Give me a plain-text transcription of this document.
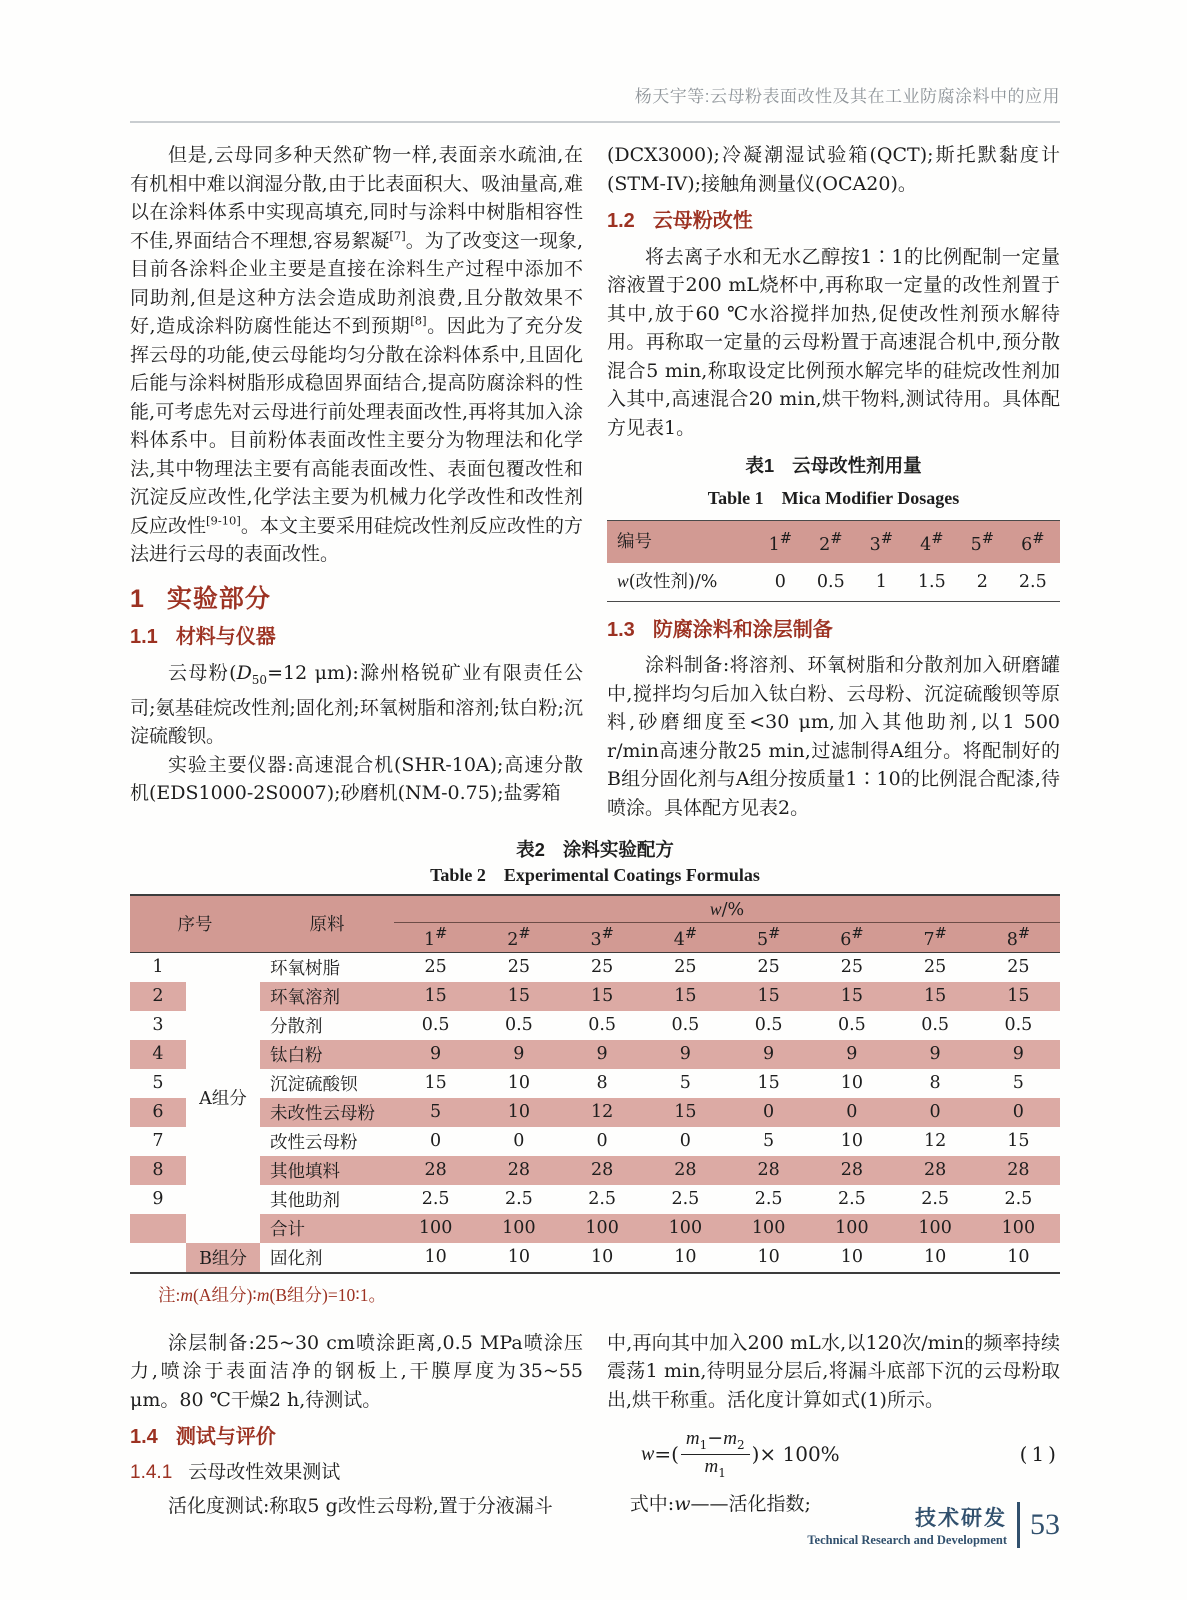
杨天宇等:云母粉表面改性及其在工业防腐涂料中的应用

但是,云母同多种天然矿物一样,表面亲水疏油,在有机相中难以润湿分散,由于比表面积大、吸油量高,难以在涂料体系中实现高填充,同时与涂料中树脂相容性不佳,界面结合不理想,容易絮凝[7]。为了改变这一现象,目前各涂料企业主要是直接在涂料生产过程中添加不同助剂,但是这种方法会造成助剂浪费,且分散效果不好,造成涂料防腐性能达不到预期[8]。因此为了充分发挥云母的功能,使云母能均匀分散在涂料体系中,且固化后能与涂料树脂形成稳固界面结合,提高防腐涂料的性能,可考虑先对云母进行前处理表面改性,再将其加入涂料体系中。目前粉体表面改性主要分为物理法和化学法,其中物理法主要有高能表面改性、表面包覆改性和沉淀反应改性,化学法主要为机械力化学改性和改性剂反应改性[9-10]。本文主要采用硅烷改性剂反应改性的方法进行云母的表面改性。

1 实验部分
1.1 材料与仪器

云母粉($D_{50}=12$ μm):滁州格锐矿业有限责任公司;氨基硅烷改性剂;固化剂;环氧树脂和溶剂;钛白粉;沉淀硫酸钡。

实验主要仪器:高速混合机(SHR-10A);高速分散机(EDS1000-2S0007);砂磨机(NM-0.75);盐雾箱

(DCX3000);冷凝潮湿试验箱(QCT);斯托默黏度计(STM-IV);接触角测量仪(OCA20)。

1.2 云母粉改性

将去离子水和无水乙醇按1∶1的比例配制一定量溶液置于200 mL烧杯中,再称取一定量的改性剂置于其中,放于60 ℃水浴搅拌加热,促使改性剂预水解待用。再称取一定量的云母粉置于高速混合机中,预分散混合5 min,称取设定比例预水解完毕的硅烷改性剂加入其中,高速混合20 min,烘干物料,测试待用。具体配方见表1。

表1 云母改性剂用量
Table 1 Mica Modifier Dosages
编号	1#	2#	3#	4#	5#	6#
w(改性剂)/%	0	0.5	1	1.5	2	2.5
1.3 防腐涂料和涂层制备

涂料制备:将溶剂、环氧树脂和分散剂加入研磨罐中,搅拌均匀后加入钛白粉、云母粉、沉淀硫酸钡等原料,砂磨细度至<30 μm,加入其他助剂,以1 500 r/min高速分散25 min,过滤制得A组分。将配制好的B组分固化剂与A组分按质量1∶10的比例混合配漆,待喷涂。具体配方见表2。

表2 涂料实验配方
Table 2 Experimental Coatings Formulas
序号		原料	w/%							
			1#	2#	3#	4#	5#	6#	7#	8#
1	A组分	环氧树脂	25	25	25	25	25	25	25	25
2		环氧溶剂	15	15	15	15	15	15	15	15
3		分散剂	0.5	0.5	0.5	0.5	0.5	0.5	0.5	0.5
4		钛白粉	9	9	9	9	9	9	9	9
5		沉淀硫酸钡	15	10	8	5	15	10	8	5
6		未改性云母粉	5	10	12	15	0	0	0	0
7		改性云母粉	0	0	0	0	5	10	12	15
8		其他填料	28	28	28	28	28	28	28	28
9		其他助剂	2.5	2.5	2.5	2.5	2.5	2.5	2.5	2.5
		合计	100	100	100	100	100	100	100	100
	B组分	固化剂	10	10	10	10	10	10	10	10
注:m(A组分)∶m(B组分)=10∶1。

涂层制备:25~30 cm喷涂距离,0.5 MPa喷涂压力,喷涂于表面洁净的钢板上,干膜厚度为35~55 μm。80 ℃干燥2 h,待测试。

1.4 测试与评价
1.4.1 云母改性效果测试

活化度测试:称取5 g改性云母粉,置于分液漏斗

中,再向其中加入200 mL水,以120次/min的频率持续震荡1 min,待明显分层后,将漏斗底部下沉的云母粉取出,烘干称重。活化度计算如式(1)所示。

w =( $\frac{m_1-m_2}{m_1}$ )× 100%	(1)

式中:w——活化指数;

技术研发
Technical Research and Development 53
